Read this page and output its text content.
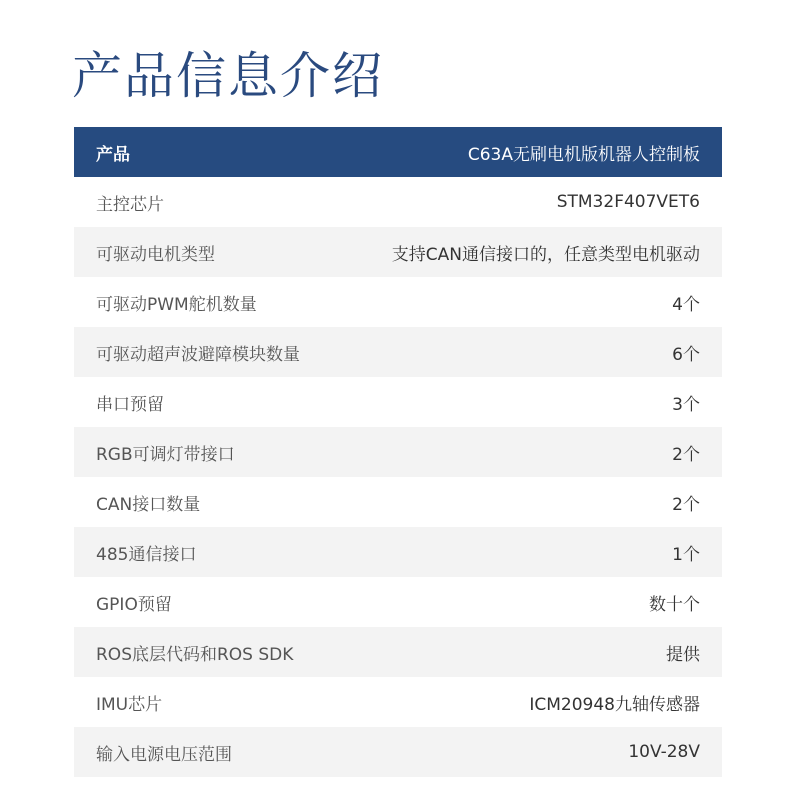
产品信息介绍
产品	C63A无刷电机版机器人控制板
主控芯片	STM32F407VET6
可驱动电机类型	支持CAN通信接口的，任意类型电机驱动
可驱动PWM舵机数量	4个
可驱动超声波避障模块数量	6个
串口预留	3个
RGB可调灯带接口	2个
CAN接口数量	2个
485通信接口	1个
GPIO预留	数十个
ROS底层代码和ROS SDK	提供
IMU芯片	ICM20948九轴传感器
输入电源电压范围	10V-28V
